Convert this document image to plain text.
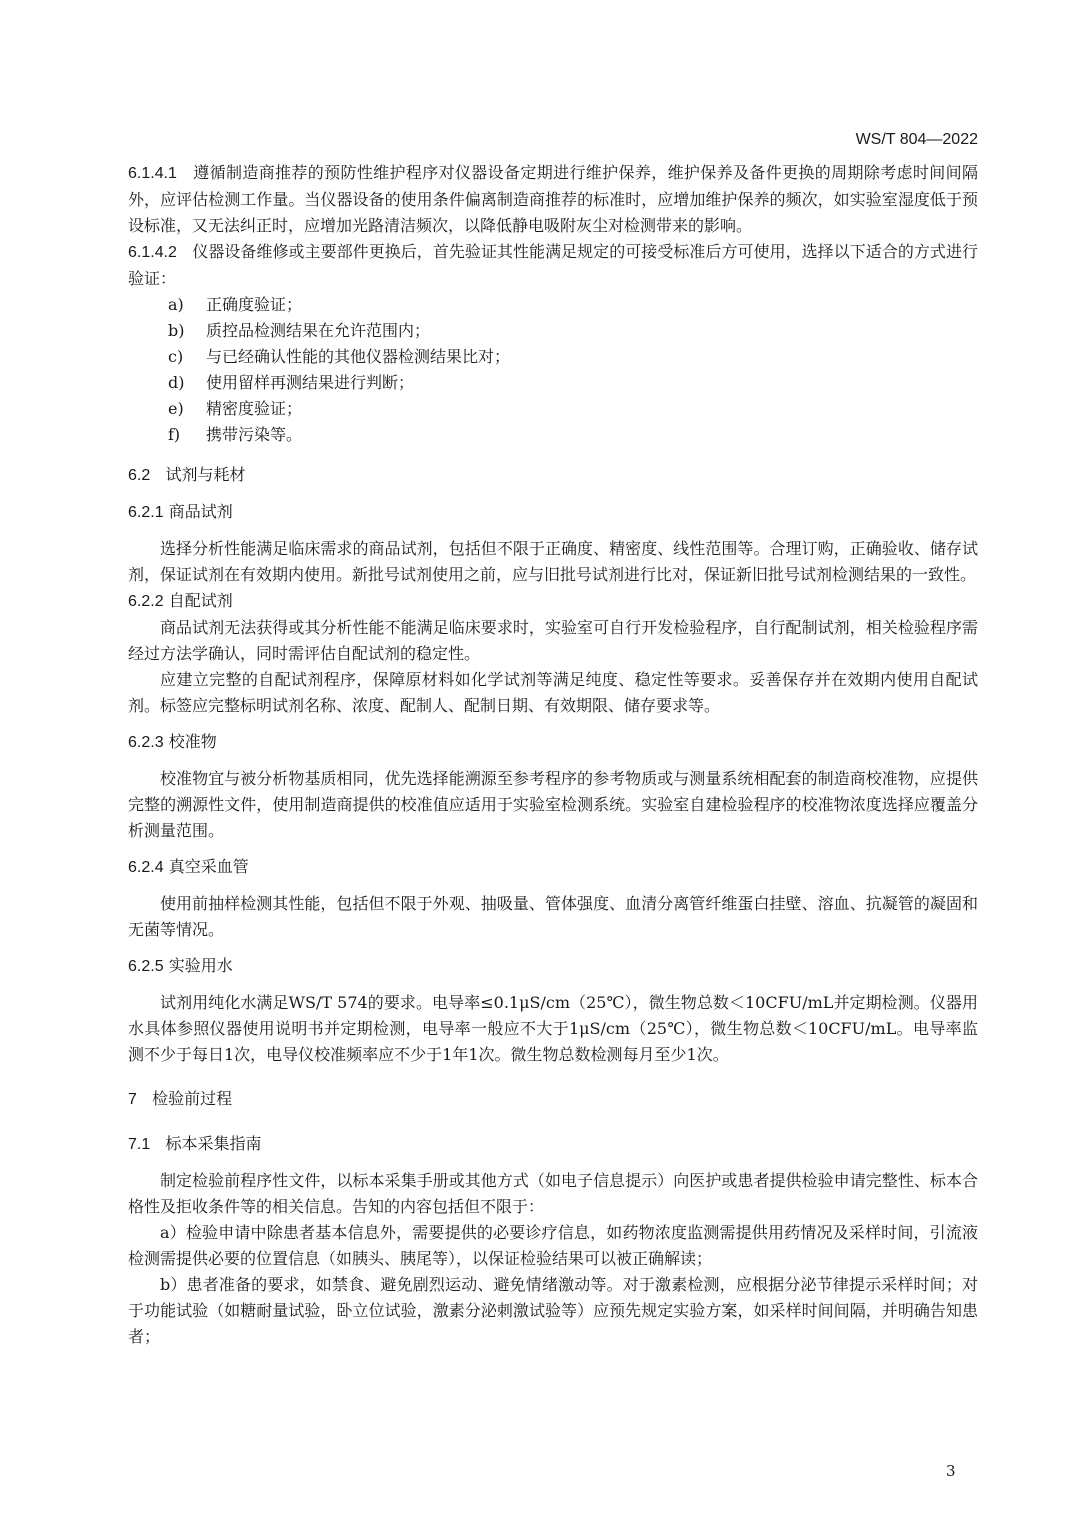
WS/T 804—2022

6.1.4.1 遵循制造商推荐的预防性维护程序对仪器设备定期进行维护保养，维护保养及备件更换的周期除考虑时间间隔外，应评估检测工作量。当仪器设备的使用条件偏离制造商推荐的标准时，应增加维护保养的频次，如实验室湿度低于预设标准，又无法纠正时，应增加光路清洁频次，以降低静电吸附灰尘对检测带来的影响。

6.1.4.2 仪器设备维修或主要部件更换后，首先验证其性能满足规定的可接受标准后方可使用，选择以下适合的方式进行验证：

a) 正确度验证；
b) 质控品检测结果在允许范围内；
c) 与已经确认性能的其他仪器检测结果比对；
d) 使用留样再测结果进行判断；
e) 精密度验证；
f) 携带污染等。

6.2 试剂与耗材

6.2.1 商品试剂

选择分析性能满足临床需求的商品试剂，包括但不限于正确度、精密度、线性范围等。合理订购，正确验收、储存试剂，保证试剂在有效期内使用。新批号试剂使用之前，应与旧批号试剂进行比对，保证新旧批号试剂检测结果的一致性。

6.2.2 自配试剂

商品试剂无法获得或其分析性能不能满足临床要求时，实验室可自行开发检验程序，自行配制试剂，相关检验程序需经过方法学确认，同时需评估自配试剂的稳定性。

应建立完整的自配试剂程序，保障原材料如化学试剂等满足纯度、稳定性等要求。妥善保存并在效期内使用自配试剂。标签应完整标明试剂名称、浓度、配制人、配制日期、有效期限、储存要求等。

6.2.3 校准物

校准物宜与被分析物基质相同，优先选择能溯源至参考程序的参考物质或与测量系统相配套的制造商校准物，应提供完整的溯源性文件，使用制造商提供的校准值应适用于实验室检测系统。实验室自建检验程序的校准物浓度选择应覆盖分析测量范围。

6.2.4 真空采血管

使用前抽样检测其性能，包括但不限于外观、抽吸量、管体强度、血清分离管纤维蛋白挂壁、溶血、抗凝管的凝固和无菌等情况。

6.2.5 实验用水

试剂用纯化水满足WS/T 574的要求。电导率≤0.1μS/cm（25℃），微生物总数＜10CFU/mL并定期检测。仪器用水具体参照仪器使用说明书并定期检测，电导率一般应不大于1μS/cm（25℃），微生物总数＜10CFU/mL。电导率监测不少于每日1次，电导仪校准频率应不少于1年1次。微生物总数检测每月至少1次。

7 检验前过程

7.1 标本采集指南

制定检验前程序性文件，以标本采集手册或其他方式（如电子信息提示）向医护或患者提供检验申请完整性、标本合格性及拒收条件等的相关信息。告知的内容包括但不限于：

a）检验申请中除患者基本信息外，需要提供的必要诊疗信息，如药物浓度监测需提供用药情况及采样时间，引流液检测需提供必要的位置信息（如胰头、胰尾等），以保证检验结果可以被正确解读；

b）患者准备的要求，如禁食、避免剧烈运动、避免情绪激动等。对于激素检测，应根据分泌节律提示采样时间；对于功能试验（如糖耐量试验，卧立位试验，激素分泌刺激试验等）应预先规定实验方案，如采样时间间隔，并明确告知患者；

3
